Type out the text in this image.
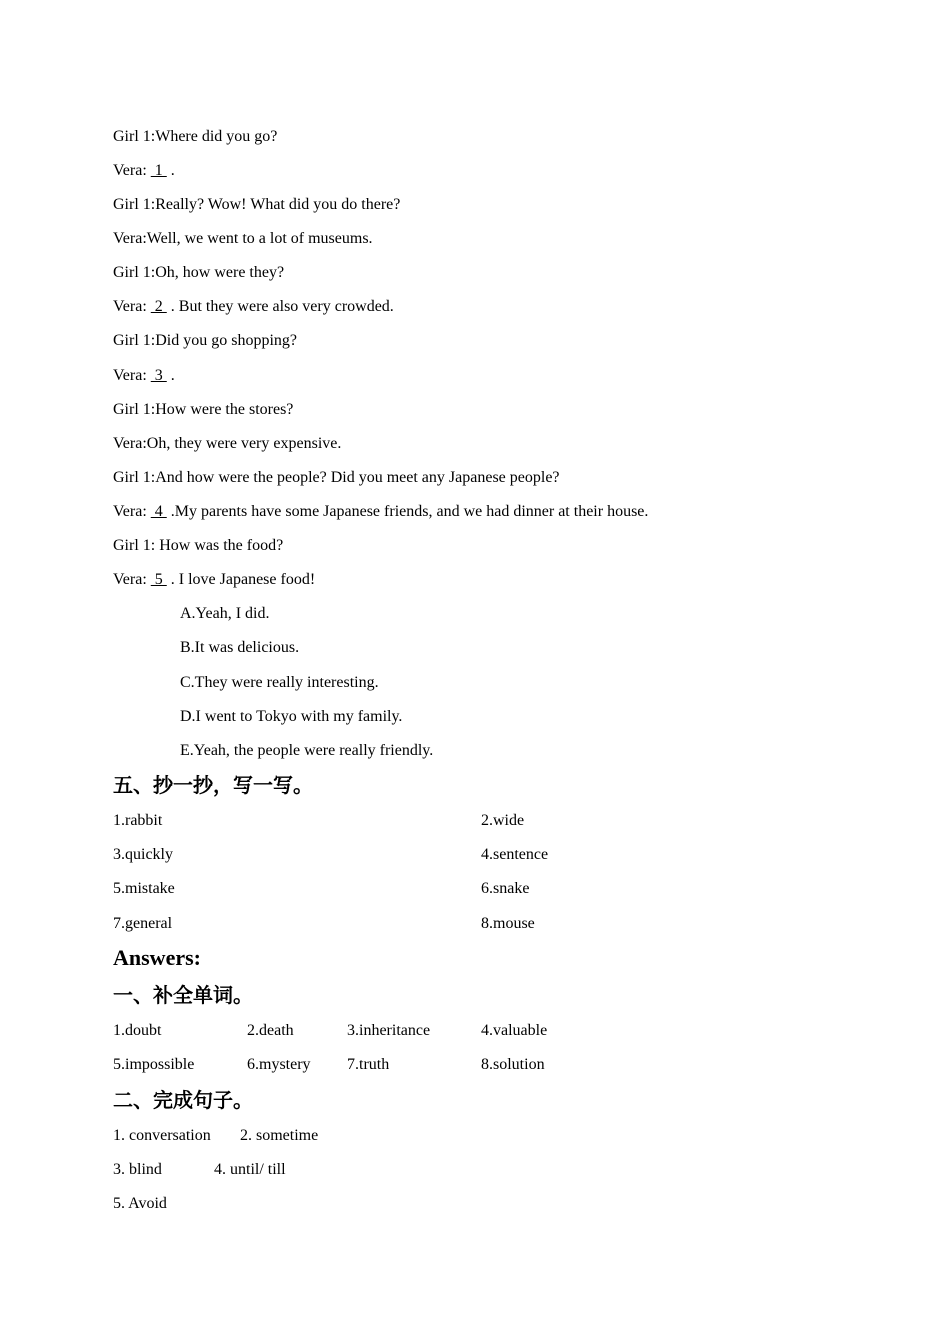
Girl 1:Where did you go?
Vera:  1  .
Girl 1:Really? Wow! What did you do there?
Vera:Well, we went to a lot of museums.
Girl 1:Oh, how were they?
Vera:  2  . But they were also very crowded.
Girl 1:Did you go shopping?
Vera:  3  .
Girl 1:How were the stores?
Vera:Oh, they were very expensive.
Girl 1:And how were the people? Did you meet any Japanese people?
Vera:  4  .My parents have some Japanese friends, and we had dinner at their house.
Girl 1: How was the food?
Vera:  5  . I love Japanese food!
A.Yeah, I did.
B.It was delicious.
C.They were really interesting.
D.I went to Tokyo with my family.
E.Yeah, the people were really friendly.
五、抄一抄，写一写。
1.rabbit	2.wide
3.quickly	4.sentence
5.mistake	6.snake
7.general	8.mouse
Answers:
一、补全单词。
1.doubt	2.death	3.inheritance	4.valuable
5.impossible	6.mystery 7.truth	8.solution
二、完成句子。
1. conversation 2. sometime
3. blind	4. until/ till
5. Avoid
